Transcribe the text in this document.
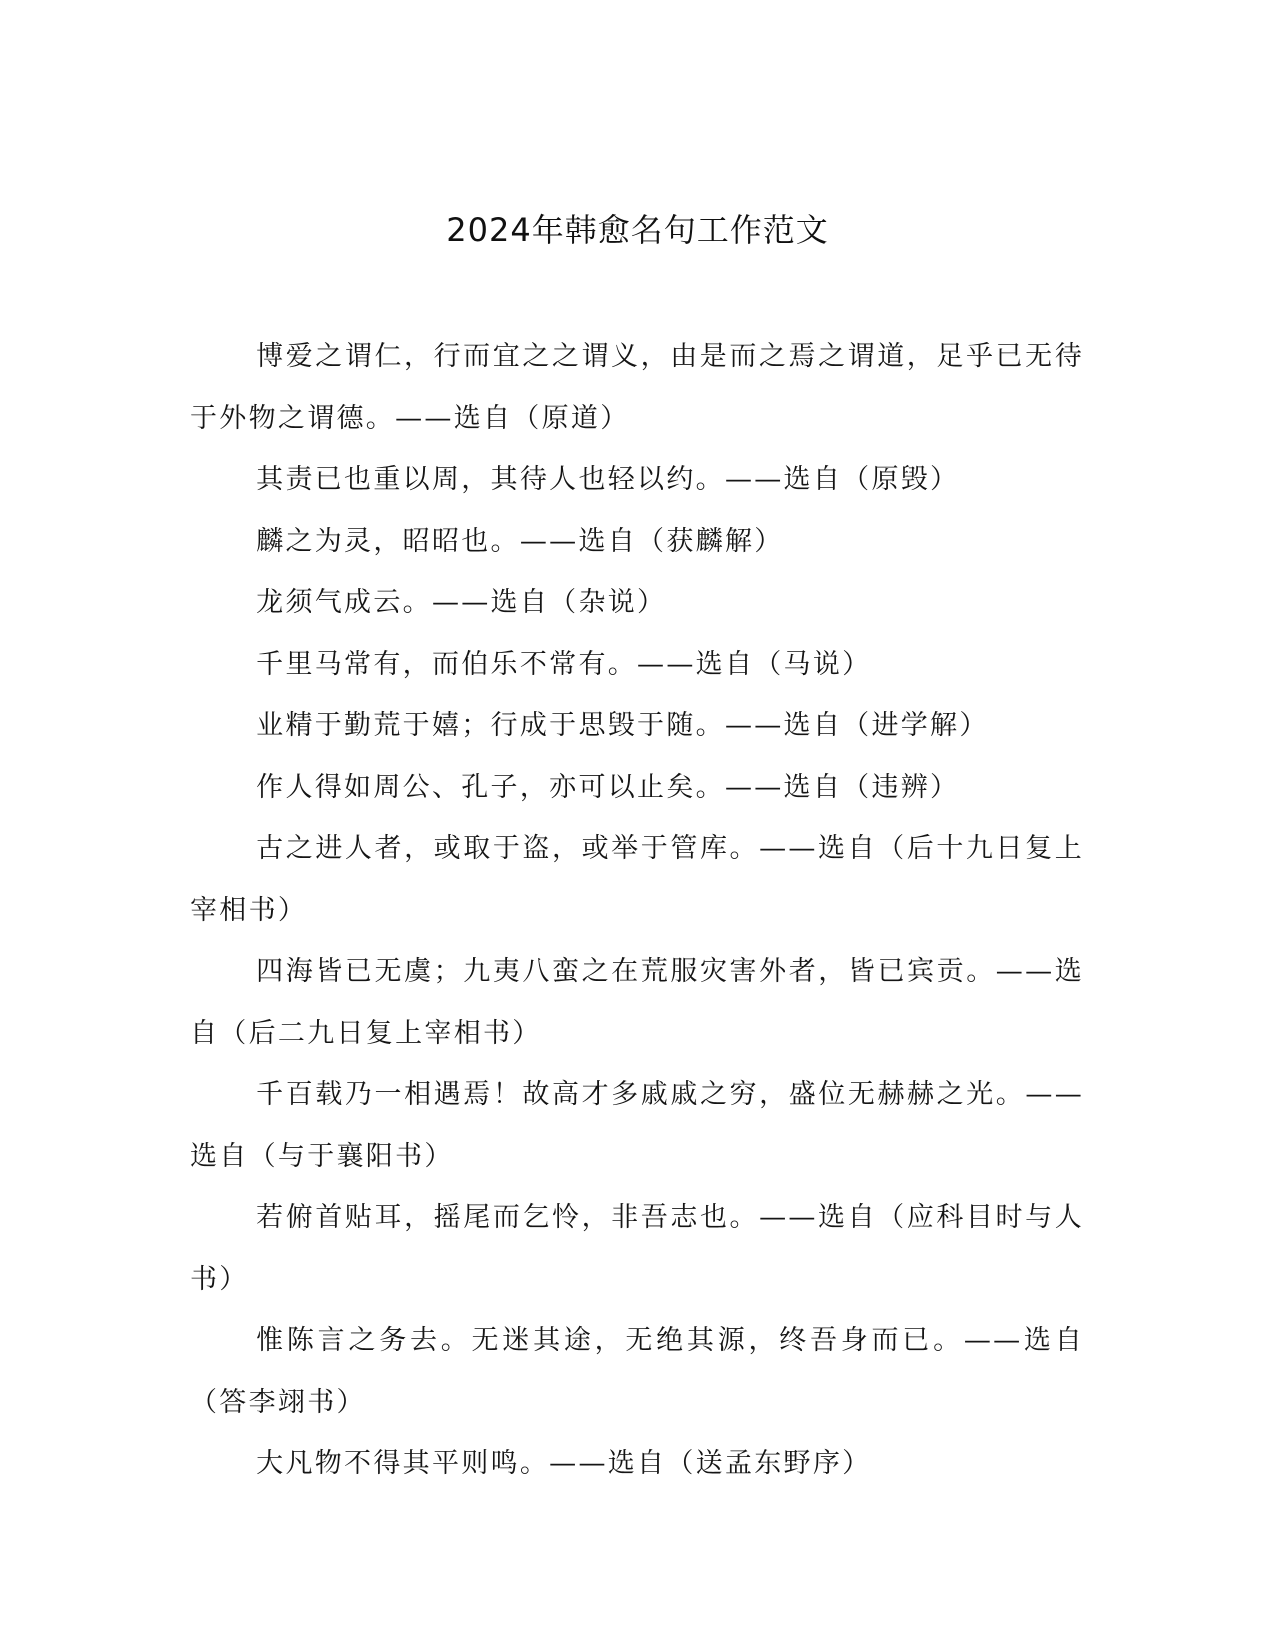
2024年韩愈名句工作范文

博爱之谓仁，行而宜之之谓义，由是而之焉之谓道，足乎已无待于外物之谓德。——选自（原道）

其责已也重以周，其待人也轻以约。——选自（原毁）

麟之为灵，昭昭也。——选自（获麟解）

龙须气成云。——选自（杂说）

千里马常有，而伯乐不常有。——选自（马说）

业精于勤荒于嬉；行成于思毁于随。——选自（进学解）

作人得如周公、孔子，亦可以止矣。——选自（违辨）

古之进人者，或取于盗，或举于管库。——选自（后十九日复上宰相书）

四海皆已无虞；九夷八蛮之在荒服灾害外者，皆已宾贡。——选自（后二九日复上宰相书）

千百载乃一相遇焉！故高才多戚戚之穷，盛位无赫赫之光。——选自（与于襄阳书）

若俯首贴耳，摇尾而乞怜，非吾志也。——选自（应科目时与人书）

惟陈言之务去。无迷其途，无绝其源，终吾身而已。——选自（答李翊书）

大凡物不得其平则鸣。——选自（送孟东野序）
